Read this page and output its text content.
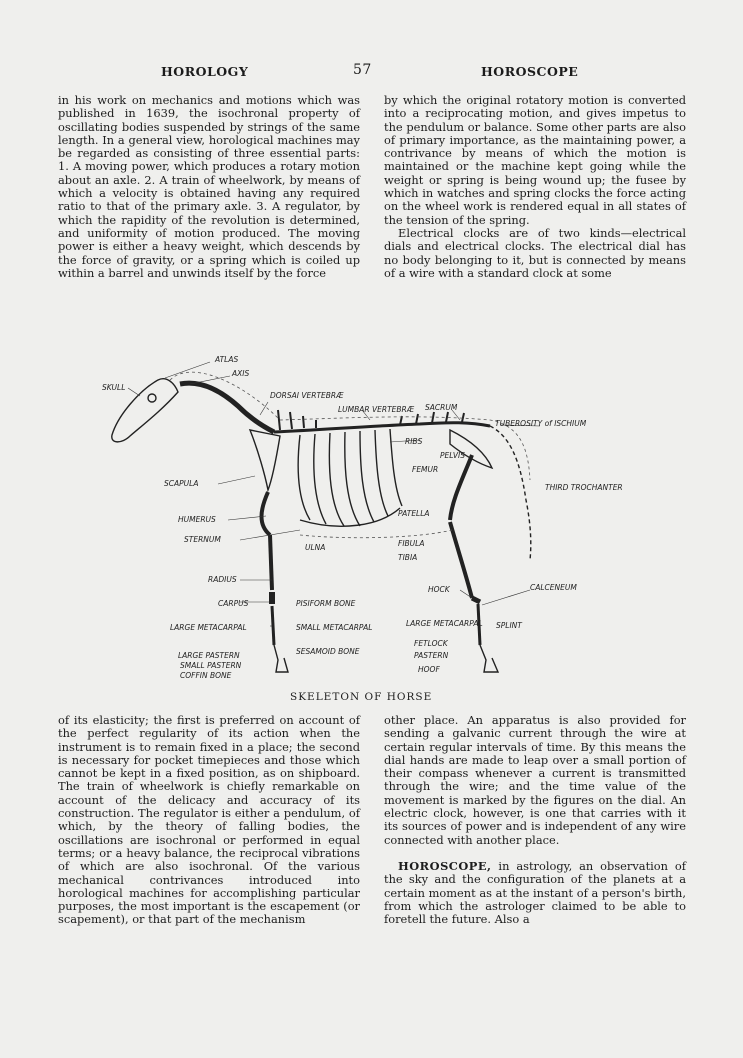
HOROLOGY	57	HOROSCOPE

in his work on mechanics and motions which was published in 1639, the isochronal property of oscillating bodies suspended by strings of the same length. In a general view, horological machines may be regarded as consisting of three essential parts: 1. A moving power, which produces a rotary motion about an axle. 2. A train of wheelwork, by means of which a velocity is obtained having any required ratio to that of the primary axle. 3. A regulator, by which the rapidity of the revolution is determined, and uniformity of motion produced. The moving power is either a heavy weight, which descends by the force of gravity, or a spring which is coiled up within a barrel and unwinds itself by the force

by which the original rotatory motion is converted into a reciprocating motion, and gives impetus to the pendulum or balance. Some other parts are also of primary importance, as the maintaining power, a contrivance by means of which the motion is maintained or the machine kept going while the weight or spring is being wound up; the fusee by which in watches and spring clocks the force acting on the wheel work is rendered equal in all states of the tension of the spring.

Electrical clocks are of two kinds—electrical dials and electrical clocks. The electrical dial has no body belonging to it, but is connected by means of a wire with a standard clock at some

ATLAS
AXIS
SKULL
DORSAI VERTEBRÆ
LUMBAR VERTEBRÆ SACRUM
TUBEROSITY of ISCHIUM
RIBS
PELVIS
FEMUR
THIRD TROCHANTER
SCAPULA
HUMERUS
PATELLA
STERNUM
ULNA	FIBULA
TIBIA
RADIUS
HOCK	CALCENEUM
CARPUS	PISIFORM BONE
LARGE METACARPAL	SMALL METACARPAL	LARGE METACARPAL SPLINT
SESAMOID BONE
FETLOCK
PASTERN
HOOF
LARGE PASTERN
SMALL PASTERN
COFFIN BONE
SKELETON OF HORSE

of its elasticity; the first is preferred on account of the perfect regularity of its action when the instrument is to remain fixed in a place; the second is necessary for pocket timepieces and those which cannot be kept in a fixed position, as on shipboard. The train of wheelwork is chiefly remarkable on account of the delicacy and accuracy of its construction. The regulator is either a pendulum, of which, by the theory of falling bodies, the oscillations are isochronal or performed in equal terms; or a heavy balance, the reciprocal vibrations of which are also isochronal. Of the various mechanical contrivances introduced into horological machines for accomplishing particular purposes, the most important is the escapement (or scapement), or that part of the mechanism

other place. An apparatus is also provided for sending a galvanic current through the wire at certain regular intervals of time. By this means the dial hands are made to leap over a small portion of their compass whenever a current is transmitted through the wire; and the time value of the movement is marked by the figures on the dial. An electric clock, however, is one that carries with it its sources of power and is independent of any wire connected with another place.

HOROSCOPE, in astrology, an observation of the sky and the configuration of the planets at a certain moment as at the instant of a person's birth, from which the astrologer claimed to be able to foretell the future. Also a
